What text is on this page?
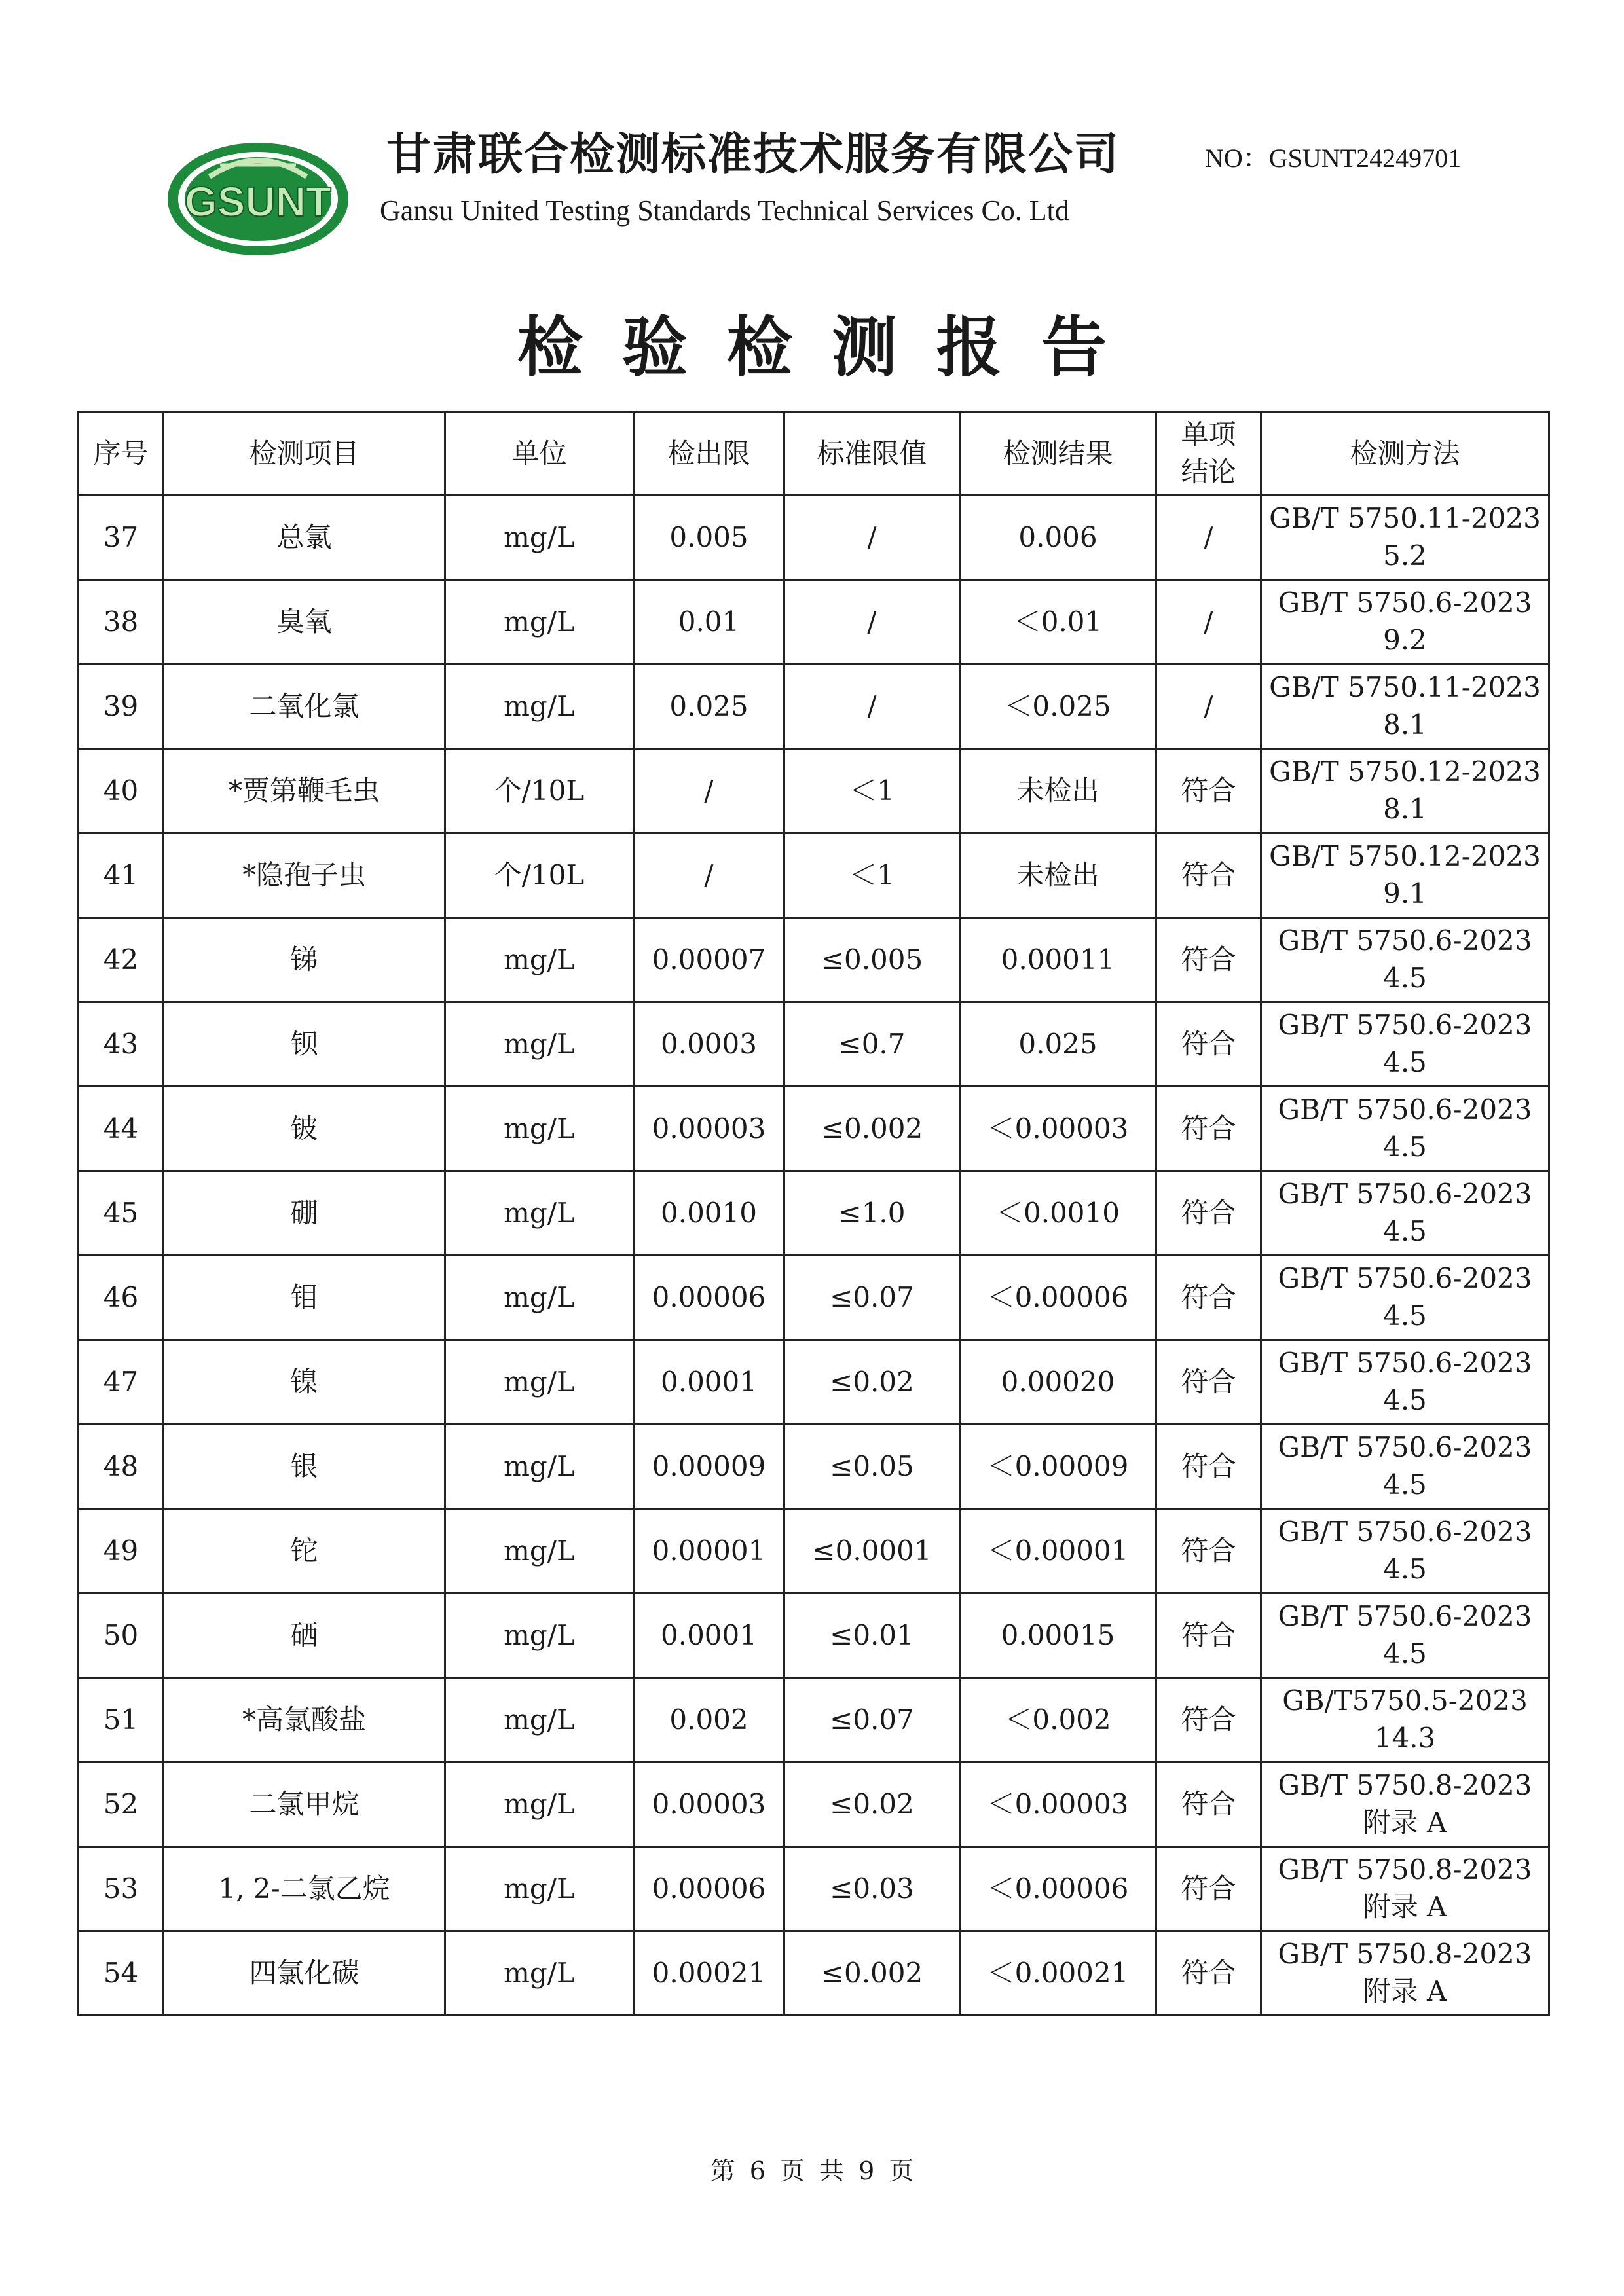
GSUNT
甘肃联合检测标准技术服务有限公司
Gansu United Testing Standards Technical Services Co. Ltd
NO：GSUNT24249701
检验检测报告
序号	检测项目	单位	检出限	标准限值	检测结果	单项结论	检测方法
37	总氯	mg/L	0.005	/	0.006	/	GB/T 5750.11-2023
5.2

38	臭氧	mg/L	0.01	/	＜0.01	/	GB/T 5750.6-2023
9.2

39	二氧化氯	mg/L	0.025	/	＜0.025	/	GB/T 5750.11-2023
8.1

40	*贾第鞭毛虫	个/10L	/	＜1	未检出	符合	GB/T 5750.12-2023
8.1

41	*隐孢子虫	个/10L	/	＜1	未检出	符合	GB/T 5750.12-2023
9.1

42	锑	mg/L	0.00007	≤0.005	0.00011	符合	GB/T 5750.6-2023
4.5

43	钡	mg/L	0.0003	≤0.7	0.025	符合	GB/T 5750.6-2023
4.5

44	铍	mg/L	0.00003	≤0.002	＜0.00003	符合	GB/T 5750.6-2023
4.5

45	硼	mg/L	0.0010	≤1.0	＜0.0010	符合	GB/T 5750.6-2023
4.5

46	钼	mg/L	0.00006	≤0.07	＜0.00006	符合	GB/T 5750.6-2023
4.5

47	镍	mg/L	0.0001	≤0.02	0.00020	符合	GB/T 5750.6-2023
4.5

48	银	mg/L	0.00009	≤0.05	＜0.00009	符合	GB/T 5750.6-2023
4.5

49	铊	mg/L	0.00001	≤0.0001	＜0.00001	符合	GB/T 5750.6-2023
4.5

50	硒	mg/L	0.0001	≤0.01	0.00015	符合	GB/T 5750.6-2023
4.5

51	*高氯酸盐	mg/L	0.002	≤0.07	＜0.002	符合	GB/T5750.5-2023
14.3

52	二氯甲烷	mg/L	0.00003	≤0.02	＜0.00003	符合	GB/T 5750.8-2023
附录 A

53	1, 2-二氯乙烷	mg/L	0.00006	≤0.03	＜0.00006	符合	GB/T 5750.8-2023
附录 A

54	四氯化碳	mg/L	0.00021	≤0.002	＜0.00021	符合	GB/T 5750.8-2023
附录 A
第 6 页 共 9 页
